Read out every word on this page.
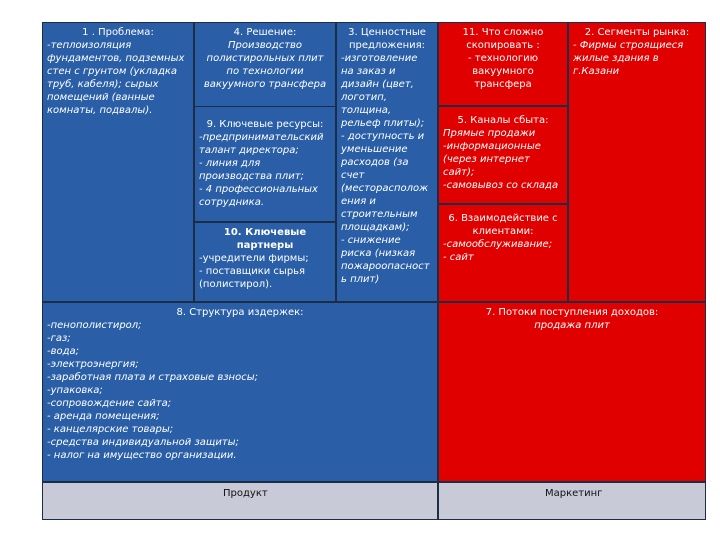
1 . Проблема:
-теплоизоляция фундаментов, подземных стен с грунтом (укладка труб, кабеля); сырых помещений (ванные комнаты, подвалы).
4. Решение:
Производство полистирольных плит по технологии вакуумного трансфера
9. Ключевые ресурсы:
-предпринимательский талант директора;
- линия для производства плит;
- 4 профессиональных сотрудника.
10. Ключевые партнеры
-учредители фирмы;
- поставщики сырья (полистирол).
3. Ценностные предложения:
-изготовление на заказ и дизайн (цвет, логотип, толщина, рельеф плиты);
- доступность и уменьшение расходов (за счет (месторасполож ения и строительным площадкам);
- снижение риска (низкая пожароопасност ь плит)
11. Что сложно скопировать :
- технологию вакуумного трансфера
5. Каналы сбыта:
Прямые продажи
-информационные (через интернет сайт);
-самовывоз со склада
6. Взаимодействие с клиентами:
-самообслуживание;
- сайт
2. Сегменты рынка:
- Фирмы строящиеся жилые здания в г.Казани
8. Структура издержек:
-пенополистирол;
-газ;
-вода;
-электроэнергия;
-заработная плата и страховые взносы;
-упаковка;
-сопровождение сайта;
- аренда помещения;
- канцелярские товары;
-средства индивидуальной защиты;
- налог на имущество организации.
7. Потоки поступления доходов:
продажа плит
Продукт	Маркетинг
